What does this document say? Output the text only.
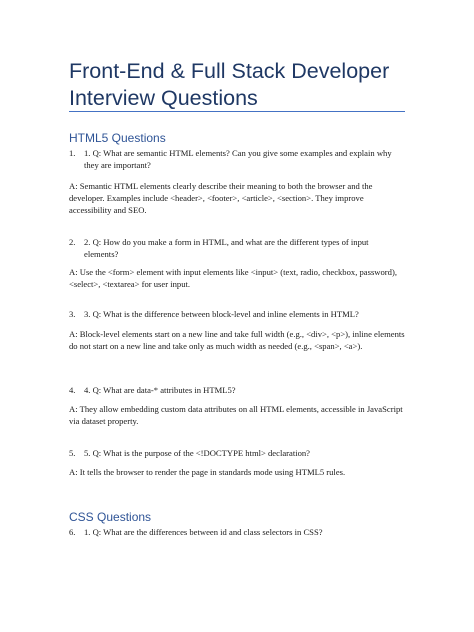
Front-End & Full Stack Developer
Interview Questions
HTML5 Questions
1. 1. Q: What are semantic HTML elements? Can you give some examples and explain why they are important?
A: Semantic HTML elements clearly describe their meaning to both the browser and the developer. Examples include <header>, <footer>, <article>, <section>. They improve accessibility and SEO.
2. 2. Q: How do you make a form in HTML, and what are the different types of input elements?
A: Use the <form> element with input elements like <input> (text, radio, checkbox, password), <select>, <textarea> for user input.
3. 3. Q: What is the difference between block-level and inline elements in HTML?
A: Block-level elements start on a new line and take full width (e.g., <div>, <p>), inline elements do not start on a new line and take only as much width as needed (e.g., <span>, <a>).
4. 4. Q: What are data-* attributes in HTML5?
A: They allow embedding custom data attributes on all HTML elements, accessible in JavaScript via dataset property.
5. 5. Q: What is the purpose of the <!DOCTYPE html> declaration?
A: It tells the browser to render the page in standards mode using HTML5 rules.
CSS Questions
6. 1. Q: What are the differences between id and class selectors in CSS?
